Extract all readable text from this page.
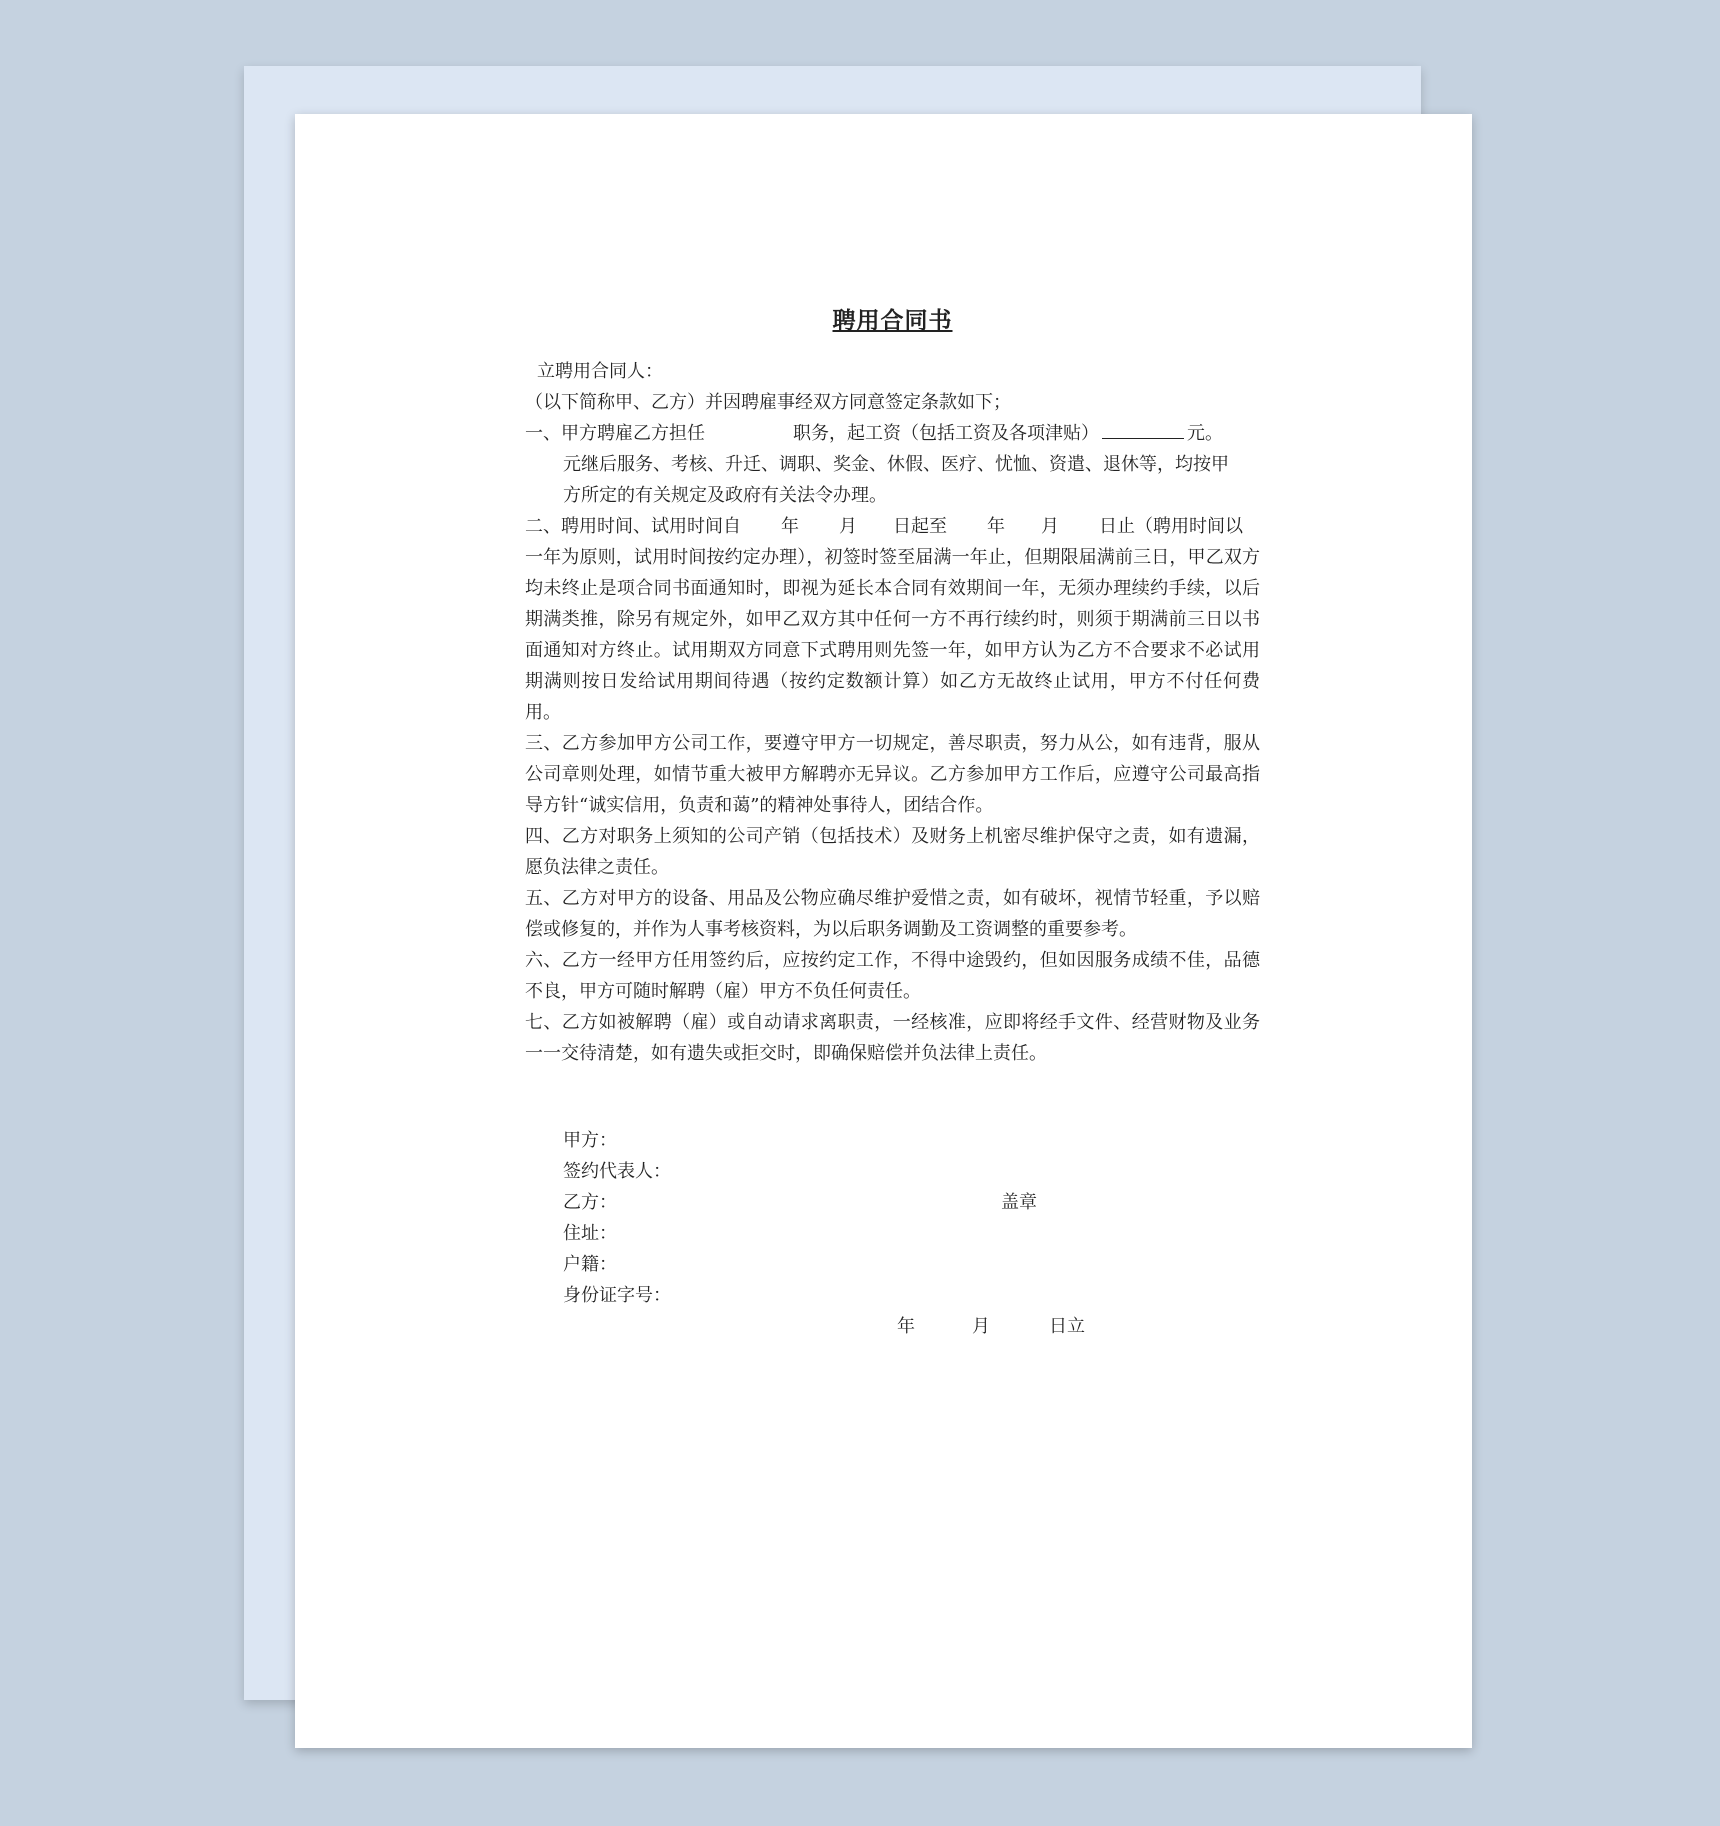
聘用合同书

立聘用合同人：

（以下简称甲、乙方）并因聘雇事经双方同意签定条款如下；

一、甲方聘雇乙方担任	职务，起工资（包括工资及各项津贴）	元。

元继后服务、考核、升迁、调职、奖金、休假、医疗、忧恤、资遣、退休等，均按甲

方所定的有关规定及政府有关法令办理。

二、聘用时间、试用时间自 年 月 日起至 年 月 日止（聘用时间以

一年为原则，试用时间按约定办理），初签时签至届满一年止，但期限届满前三日，甲乙双方均未终止是项合同书面通知时，即视为延长本合同有效期间一年，无须办理续约手续，以后期满类推，除另有规定外，如甲乙双方其中任何一方不再行续约时，则须于期满前三日以书面通知对方终止。试用期双方同意下式聘用则先签一年，如甲方认为乙方不合要求不必试用期满则按日发给试用期间待遇（按约定数额计算）如乙方无故终止试用，甲方不付任何费用。

三、乙方参加甲方公司工作，要遵守甲方一切规定，善尽职责，努力从公，如有违背，服从公司章则处理，如情节重大被甲方解聘亦无异议。乙方参加甲方工作后，应遵守公司最高指导方针“诚实信用，负责和蔼”的精神处事待人，团结合作。

四、乙方对职务上须知的公司产销（包括技术）及财务上机密尽维护保守之责，如有遗漏，愿负法律之责任。

五、乙方对甲方的设备、用品及公物应确尽维护爱惜之责，如有破坏，视情节轻重，予以赔偿或修复的，并作为人事考核资料，为以后职务调勤及工资调整的重要参考。

六、乙方一经甲方任用签约后，应按约定工作，不得中途毁约，但如因服务成绩不佳，品德不良，甲方可随时解聘（雇）甲方不负任何责任。

七、乙方如被解聘（雇）或自动请求离职责，一经核准，应即将经手文件、经营财物及业务一一交待清楚，如有遗失或拒交时，即确保赔偿并负法律上责任。

甲方：
签约代表人：
乙方：	盖章
住址：
户籍：
身份证字号：
年	月	日立
